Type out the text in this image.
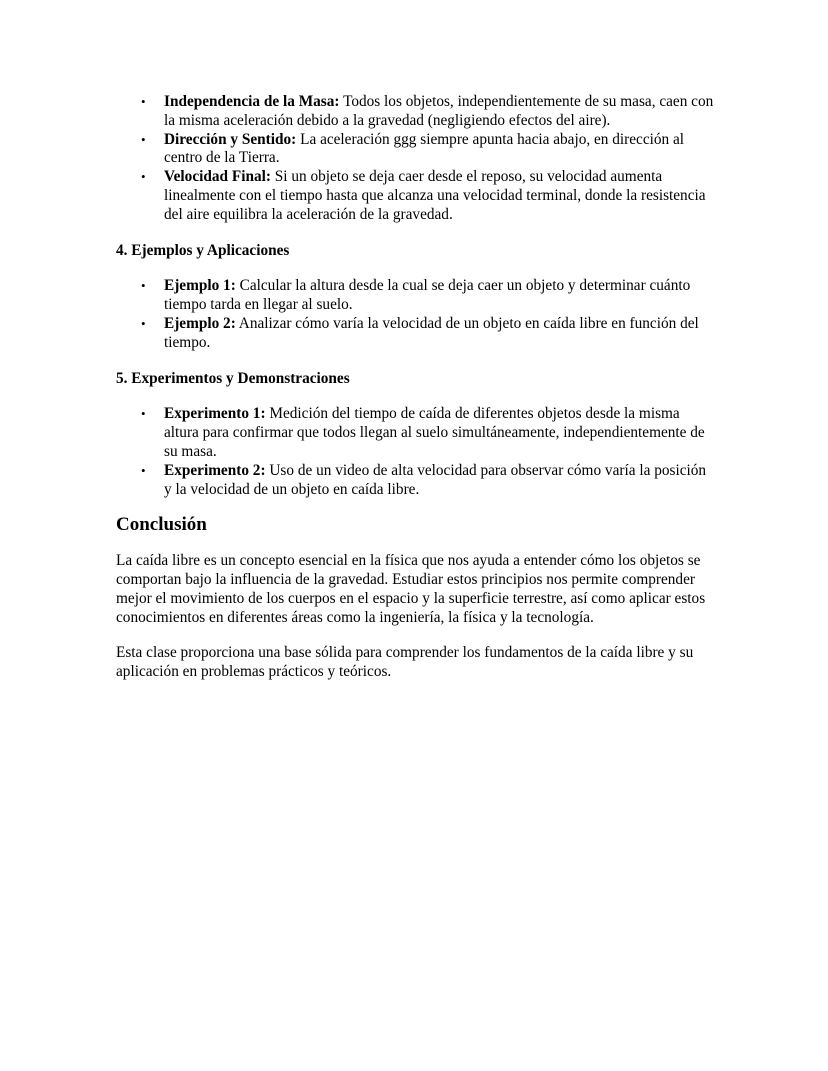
• Independencia de la Masa: Todos los objetos, independientemente de su masa, caen con la misma aceleración debido a la gravedad (negligiendo efectos del aire).
• Dirección y Sentido: La aceleración ggg siempre apunta hacia abajo, en dirección al centro de la Tierra.
• Velocidad Final: Si un objeto se deja caer desde el reposo, su velocidad aumenta linealmente con el tiempo hasta que alcanza una velocidad terminal, donde la resistencia del aire equilibra la aceleración de la gravedad.
4. Ejemplos y Aplicaciones
• Ejemplo 1: Calcular la altura desde la cual se deja caer un objeto y determinar cuánto tiempo tarda en llegar al suelo.
• Ejemplo 2: Analizar cómo varía la velocidad de un objeto en caída libre en función del tiempo.
5. Experimentos y Demonstraciones
• Experimento 1: Medición del tiempo de caída de diferentes objetos desde la misma altura para confirmar que todos llegan al suelo simultáneamente, independientemente de su masa.
• Experimento 2: Uso de un video de alta velocidad para observar cómo varía la posición y la velocidad de un objeto en caída libre.
Conclusión

La caída libre es un concepto esencial en la física que nos ayuda a entender cómo los objetos se comportan bajo la influencia de la gravedad. Estudiar estos principios nos permite comprender mejor el movimiento de los cuerpos en el espacio y la superficie terrestre, así como aplicar estos conocimientos en diferentes áreas como la ingeniería, la física y la tecnología.

Esta clase proporciona una base sólida para comprender los fundamentos de la caída libre y su aplicación en problemas prácticos y teóricos.
